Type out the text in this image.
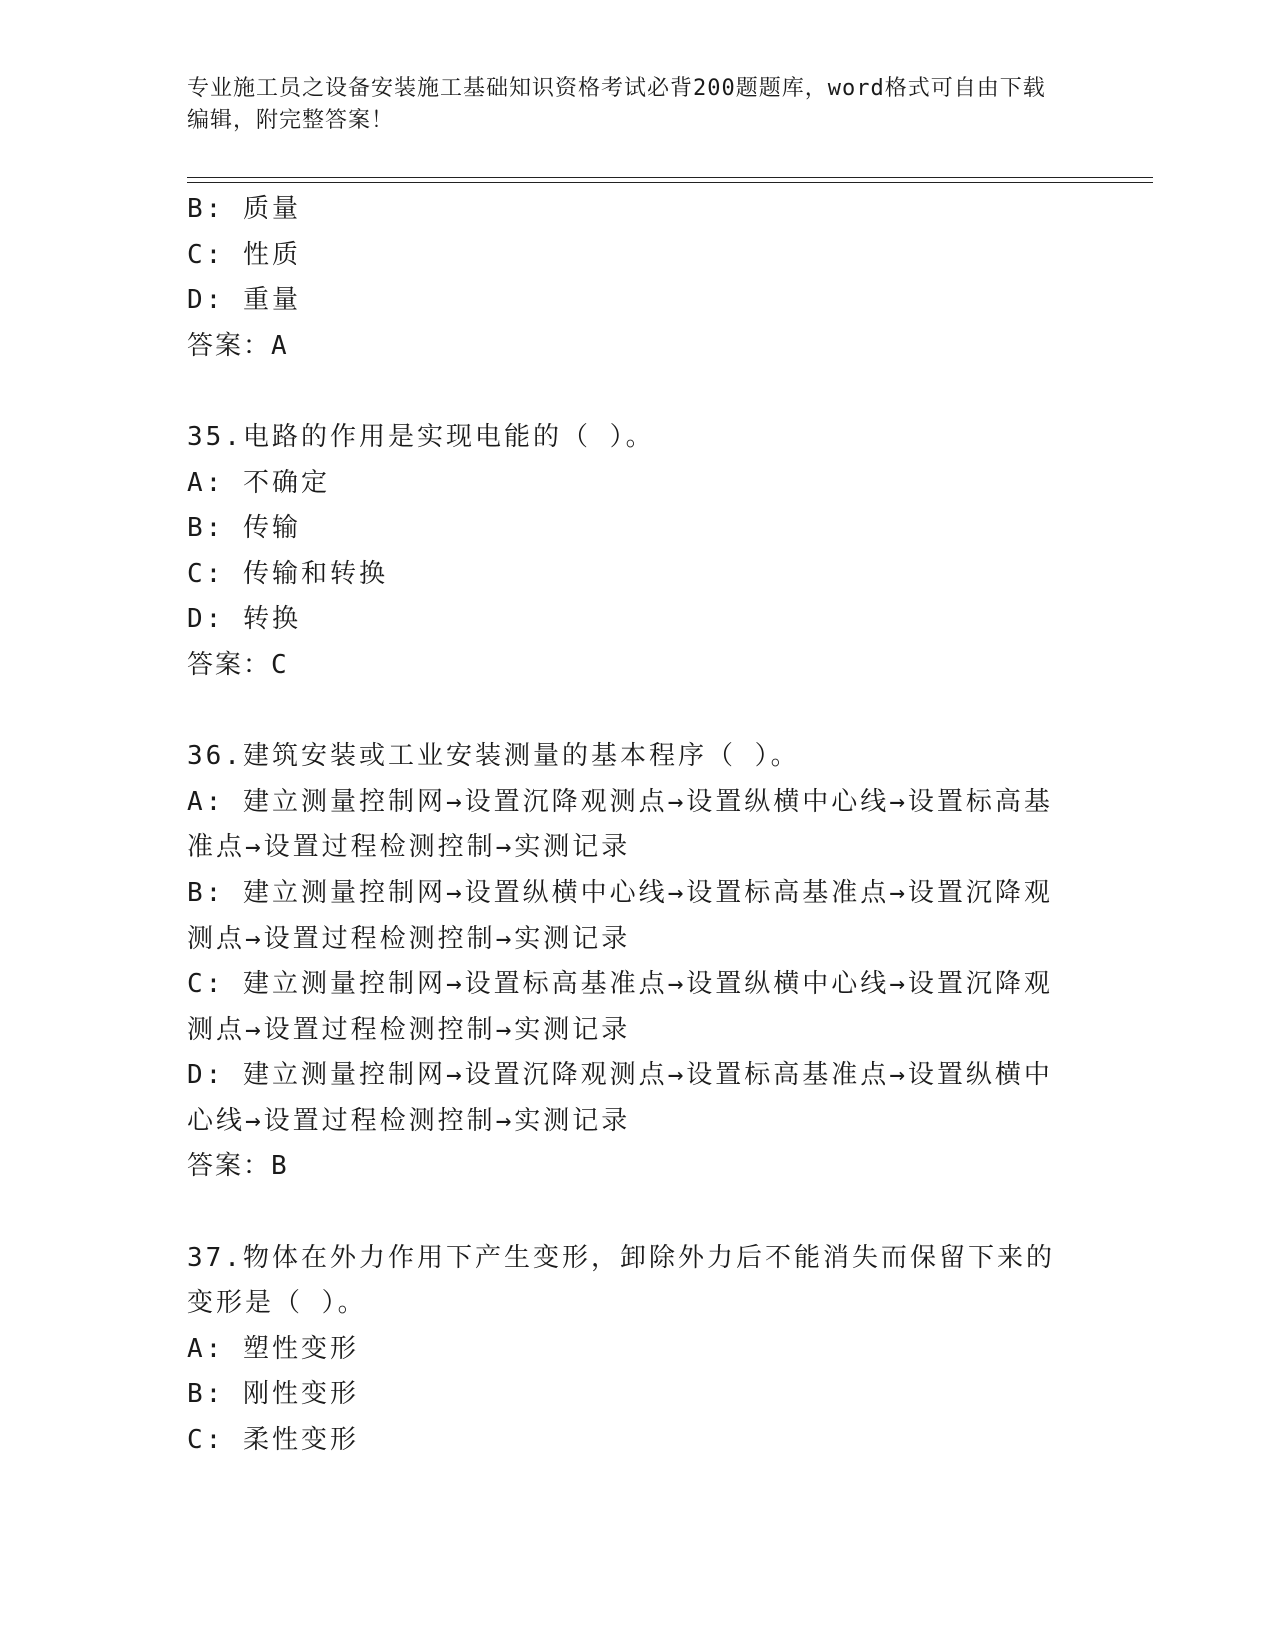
专业施工员之设备安装施工基础知识资格考试必背200题题库，word格式可自由下载编辑，附完整答案！
B: 质量
C: 性质
D: 重量
答案：A
35.电路的作用是实现电能的（ ）。
A: 不确定
B: 传输
C: 传输和转换
D: 转换
答案：C
36.建筑安装或工业安装测量的基本程序（ ）。
A: 建立测量控制网→设置沉降观测点→设置纵横中心线→设置标高基准点→设置过程检测控制→实测记录
B: 建立测量控制网→设置纵横中心线→设置标高基准点→设置沉降观测点→设置过程检测控制→实测记录
C: 建立测量控制网→设置标高基准点→设置纵横中心线→设置沉降观测点→设置过程检测控制→实测记录
D: 建立测量控制网→设置沉降观测点→设置标高基准点→设置纵横中心线→设置过程检测控制→实测记录
答案：B
37.物体在外力作用下产生变形，卸除外力后不能消失而保留下来的变形是（ ）。
A: 塑性变形
B: 刚性变形
C: 柔性变形
